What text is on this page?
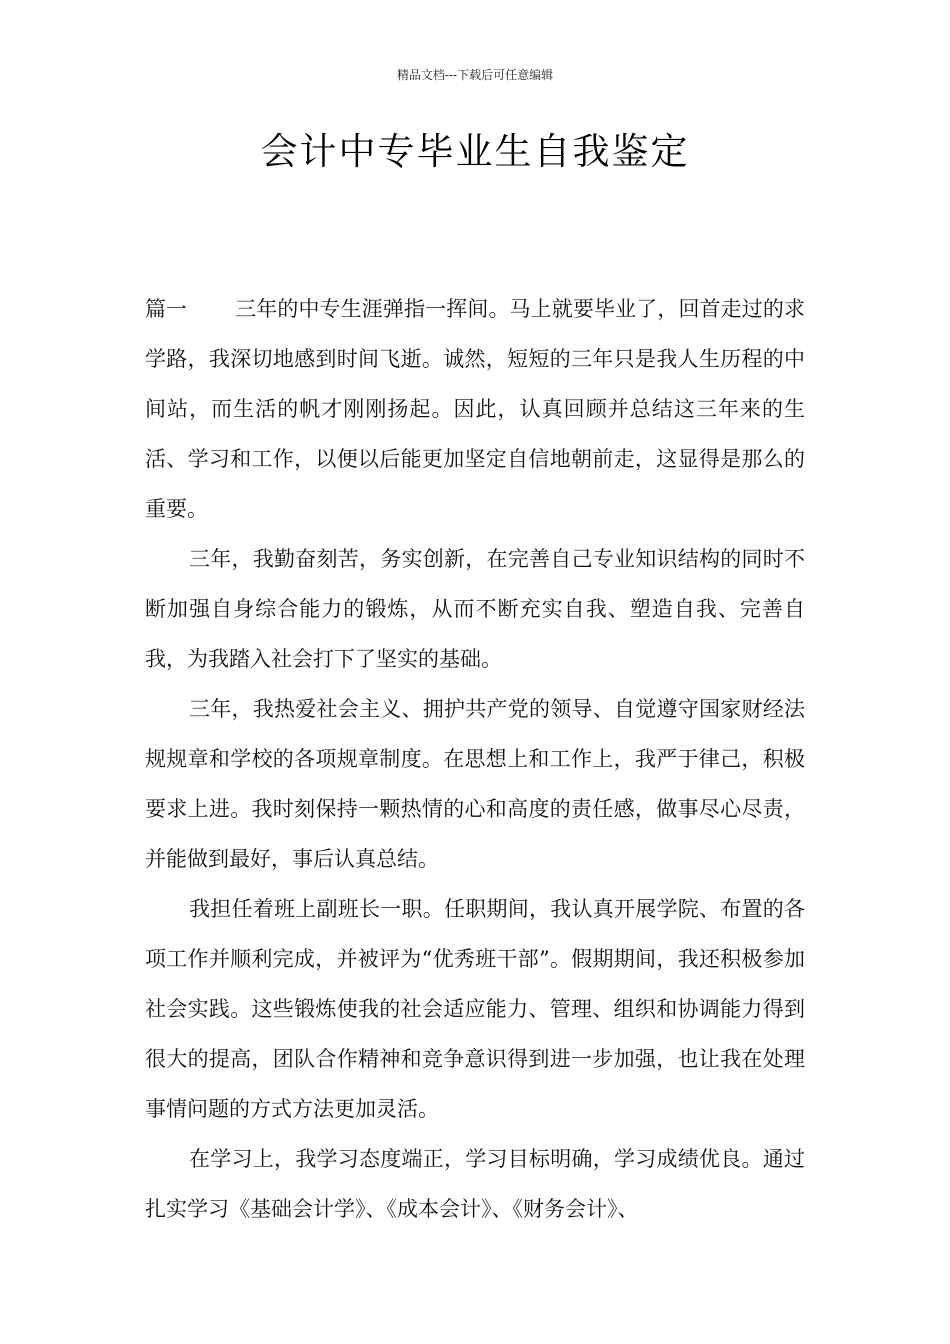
精品文档---下载后可任意编辑
会计中专毕业生自我鉴定

篇一 三年的中专生涯弹指一挥间。马上就要毕业了，回首走过的求学路，我深切地感到时间飞逝。诚然，短短的三年只是我人生历程的中间站，而生活的帆才刚刚扬起。因此，认真回顾并总结这三年来的生活、学习和工作，以便以后能更加坚定自信地朝前走，这显得是那么的重要。

三年，我勤奋刻苦，务实创新，在完善自己专业知识结构的同时不断加强自身综合能力的锻炼，从而不断充实自我、塑造自我、完善自我，为我踏入社会打下了坚实的基础。

三年，我热爱社会主义、拥护共产党的领导、自觉遵守国家财经法规规章和学校的各项规章制度。在思想上和工作上，我严于律己，积极要求上进。我时刻保持一颗热情的心和高度的责任感，做事尽心尽责，并能做到最好，事后认真总结。

我担任着班上副班长一职。任职期间，我认真开展学院、布置的各项工作并顺利完成，并被评为“优秀班干部”。假期期间，我还积极参加社会实践。这些锻炼使我的社会适应能力、管理、组织和协调能力得到很大的提高，团队合作精神和竞争意识得到进一步加强，也让我在处理事情问题的方式方法更加灵活。

在学习上，我学习态度端正，学习目标明确，学习成绩优良。通过扎实学习《基础会计学》、《成本会计》、《财务会计》、
